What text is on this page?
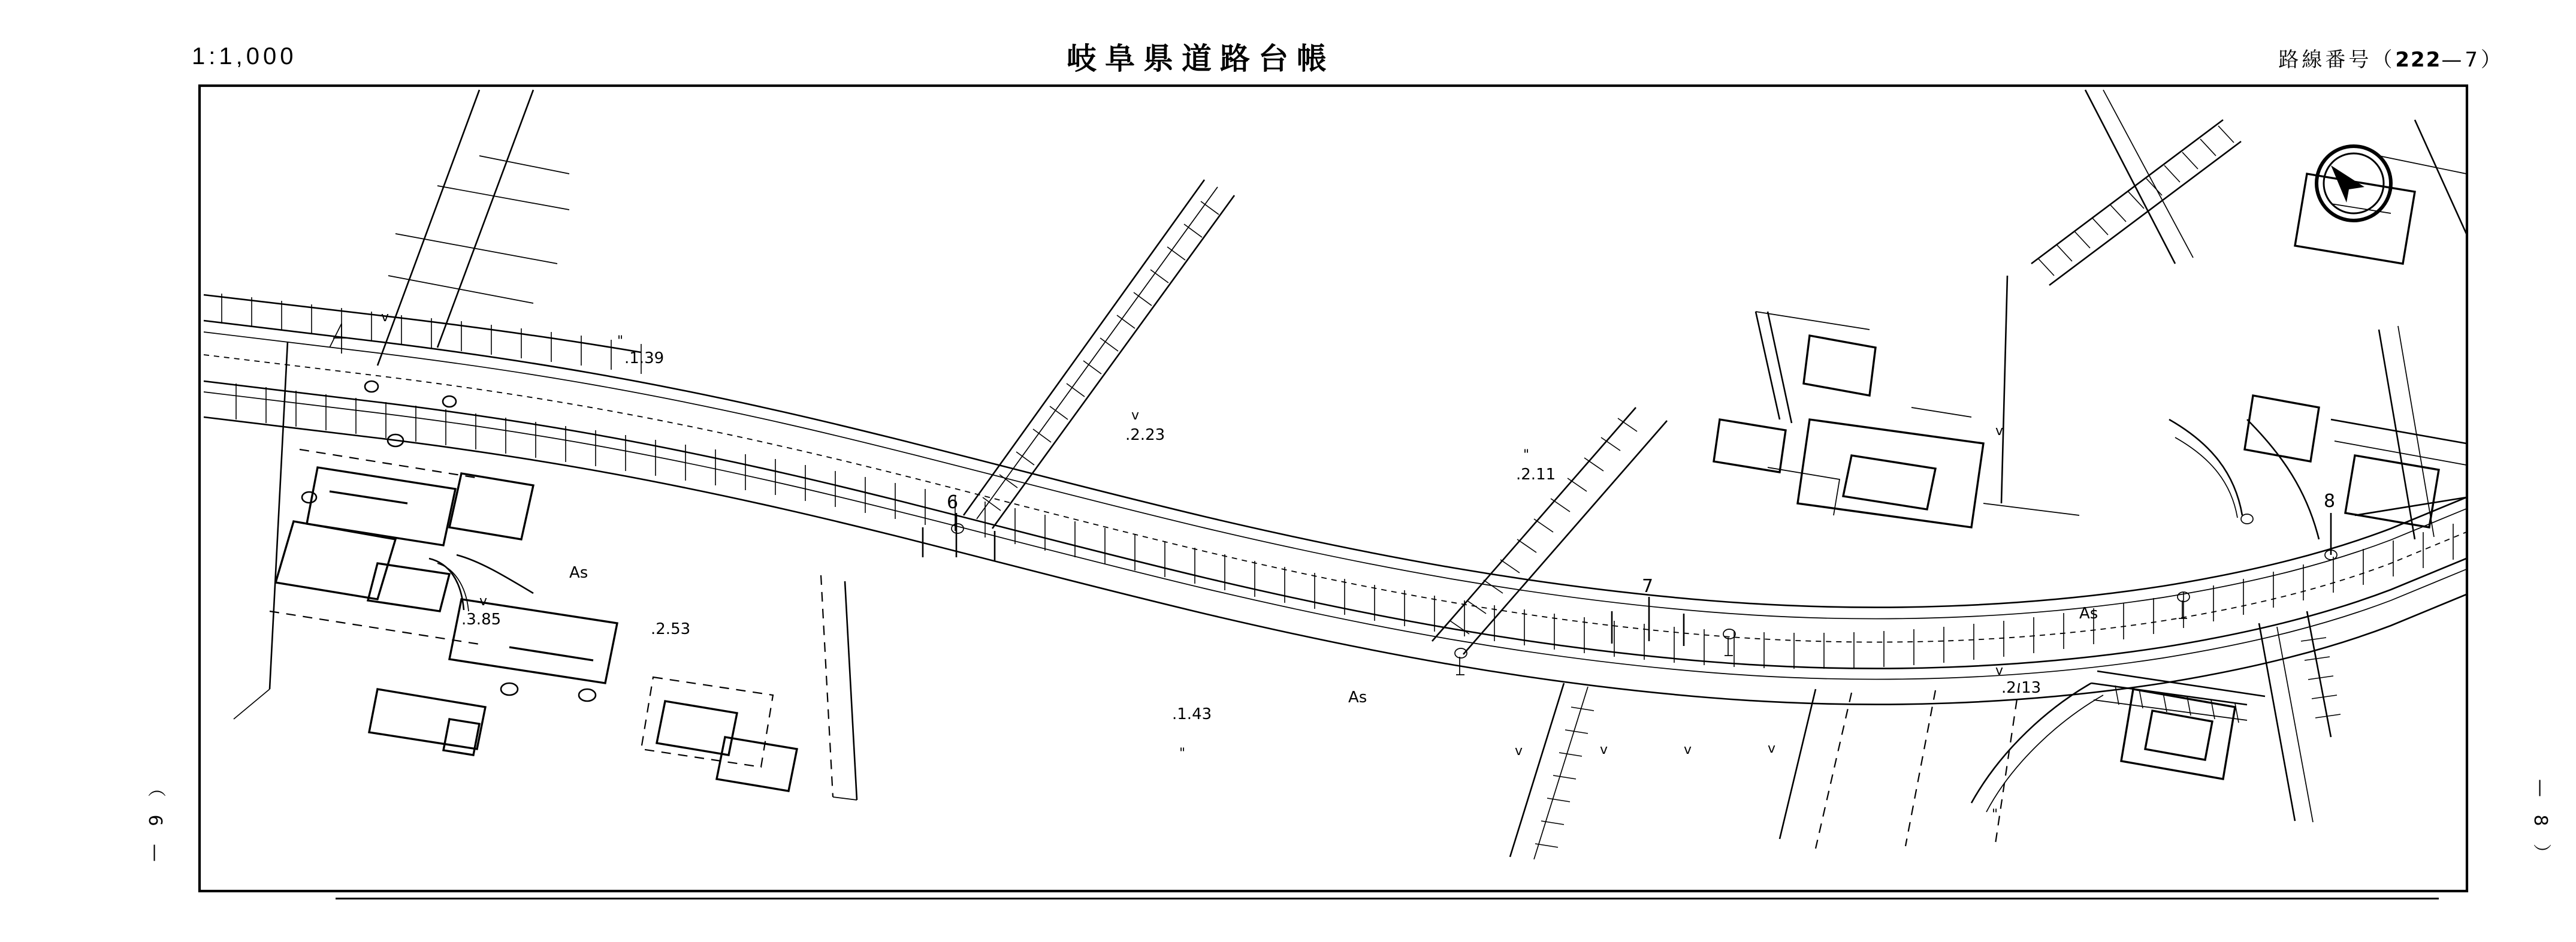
1:1,000	岐阜県道路台帳	路線番号（222—7）
（ 6 —	— 8 ）
"
.1.39
v
.2.23
"
.2.11
v
.3.85
.2.53
.1.43
"
v
.2.13
6
7
8
As
As
As
v
v
v	v	v	v
"
